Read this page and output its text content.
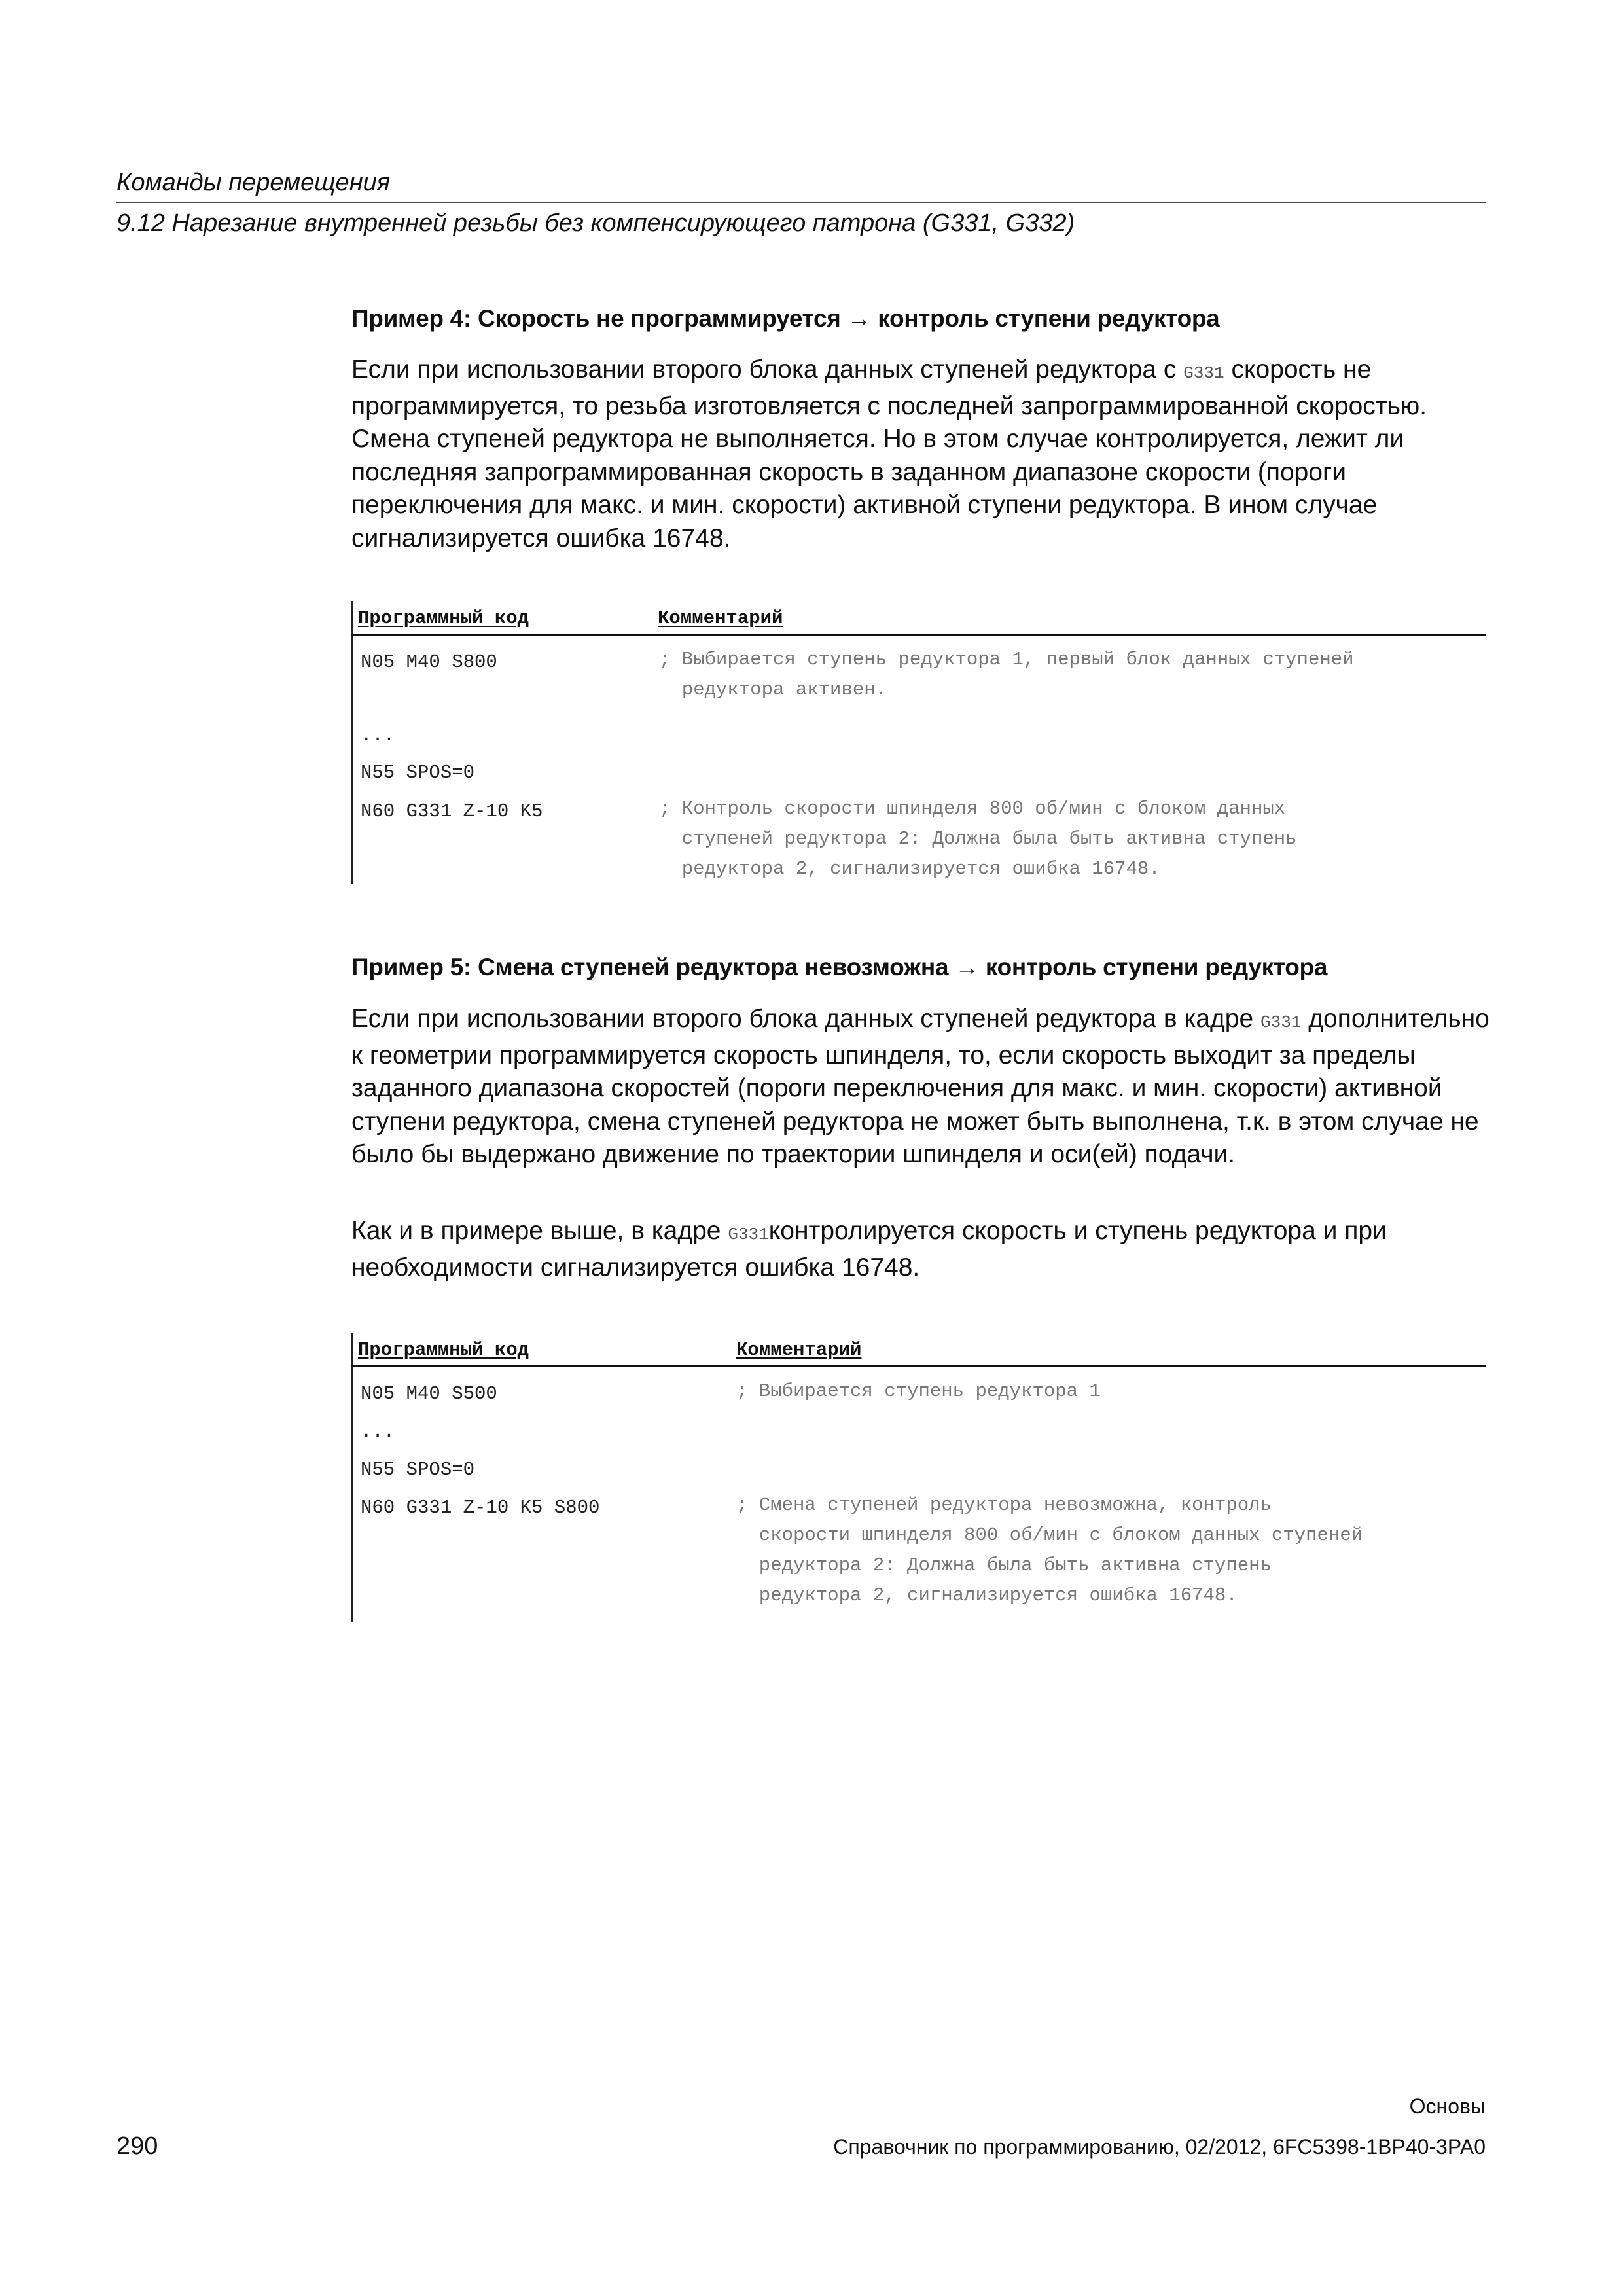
Команды перемещения
9.12 Нарезание внутренней резьбы без компенсирующего патрона (G331, G332)
Пример 4: Скорость не программируется → контроль ступени редуктора
Если при использовании второго блока данных ступеней редуктора с G331 скорость не программируется, то резьба изготовляется с последней запрограммированной скоростью. Смена ступеней редуктора не выполняется. Но в этом случае контролируется, лежит ли последняя запрограммированная скорость в заданном диапазоне скорости (пороги переключения для макс. и мин. скорости) активной ступени редуктора. В ином случае сигнализируется ошибка 16748.
Программный код	Комментарий
N05 M40 S800	; Выбирается ступень редуктора 1, первый блок данных ступеней
редуктора активен.
...
N55 SPOS=0
N60 G331 Z-10 K5	; Контроль скорости шпинделя 800 об/мин с блоком данных
ступеней редуктора 2: Должна была быть активна ступень
редуктора 2, сигнализируется ошибка 16748.
Пример 5: Смена ступеней редуктора невозможна → контроль ступени редуктора
Если при использовании второго блока данных ступеней редуктора в кадре G331 дополнительно к геометрии программируется скорость шпинделя, то, если скорость выходит за пределы заданного диапазона скоростей (пороги переключения для макс. и мин. скорости) активной ступени редуктора, смена ступеней редуктора не может быть выполнена, т.к. в этом случае не было бы выдержано движение по траектории шпинделя и оси(ей) подачи.
Как и в примере выше, в кадре G331контролируется скорость и ступень редуктора и при необходимости сигнализируется ошибка 16748.
Программный код	Комментарий
N05 M40 S500	; Выбирается ступень редуктора 1
...
N55 SPOS=0
N60 G331 Z-10 K5 S800	; Смена ступеней редуктора невозможна, контроль
скорости шпинделя 800 об/мин с блоком данных ступеней
редуктора 2: Должна была быть активна ступень
редуктора 2, сигнализируется ошибка 16748.
Основы
290	Справочник по программированию, 02/2012, 6FC5398-1BP40-3PA0
